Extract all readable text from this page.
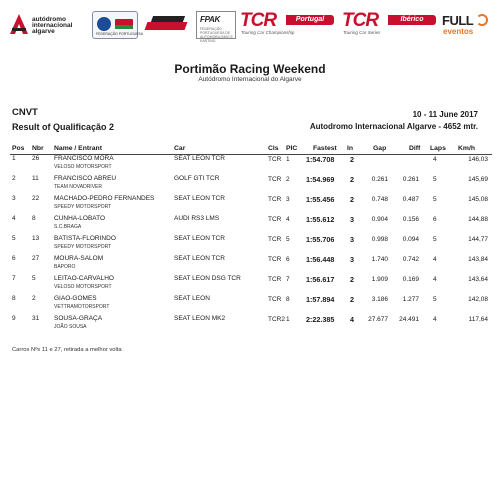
autódromo
internacional
algarve	FEDERAÇÃO PORTUGUESA
FPAK
FEDERAÇÃO PORTUGUESA DE AUTOMOBILISMO E KARTING
TCR	Portugal
Touring Car Championship
TCR	Ibérico
Touring Car Series
FULL
eventos
Portimão Racing Weekend
Autódromo Internacional do Algarve
CNVT
Result of Qualificação 2
10 - 11 June 2017
Autodromo Internacional Algarve - 4652 mtr.
Pos Nbr Name / Entrant	Car	Cls PIC Fastest In	Gap	Diff Laps Km/h
1	26 FRANCISCO MORA
VELOSO MOTORSPORT
SEAT LEON TCR	TCR 1 1:54.708 2	4	146,03
2	11 FRANCISCO ABREU
TEAM NOVADRIVER
GOLF GTI TCR	TCR 2 1:54.969 2	0.261 0.261 5	145,69
3	22 MACHADO-PEDRO FERNANDES
SPEEDY MOTORSPORT
SEAT LEON TCR	TCR 3 1:55.456 2	0.748 0.487 5	145,08
4	8	CUNHA-LOBATO
S.C.BRAGA
AUDI RS3 LMS	TCR 4 1:55.612 3	0.904 0.156 6	144,88
5	13 BATISTA-FLORINDO
SPEEDY MOTORSPORT
SEAT LEON TCR	TCR 5 1:55.706 3	0.998 0.094 5	144,77
6	27 MOURA-SALOM
BAPORO
SEAT LEON TCR	TCR 6 1:56.448 3	1.740 0.742 4	143,84
7	5	LEITAO-CARVALHO
VELOSO MOTORSPORT
SEAT LEON DSG TCR	TCR 7 1:56.617 2	1.909 0.169 4	143,64
8	2	GIAO-GOMES
VETTRAMOTORSPORT
SEAT LEON	TCR 8 1:57.894 2	3.186 1.277 5	142,08
9	31 SOUSA-GRAÇA
JOÃO SOUSA
SEAT LEON MK2	TCR2 1 2:22.385 4 27.677 24.491 4	117,64
Carros Nºs 11 e 27, retirada a melhor volta
